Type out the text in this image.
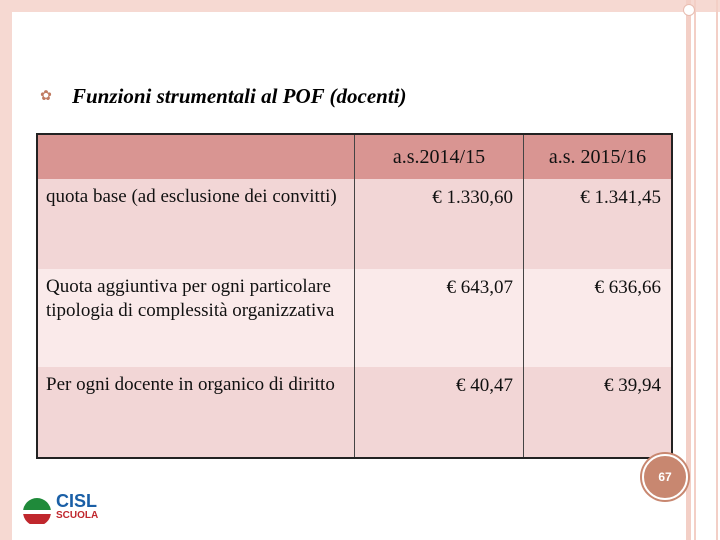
✿ Funzioni strumentali al POF (docenti)
	a.s.2014/15	a.s. 2015/16
quota base (ad esclusione dei convitti)	€ 1.330,60	€ 1.341,45
Quota aggiuntiva per ogni particolare tipologia di complessità organizzativa	€ 643,07	€ 636,66
Per ogni docente in organico di diritto	€ 40,47	€ 39,94
67
CISL
SCUOLA
